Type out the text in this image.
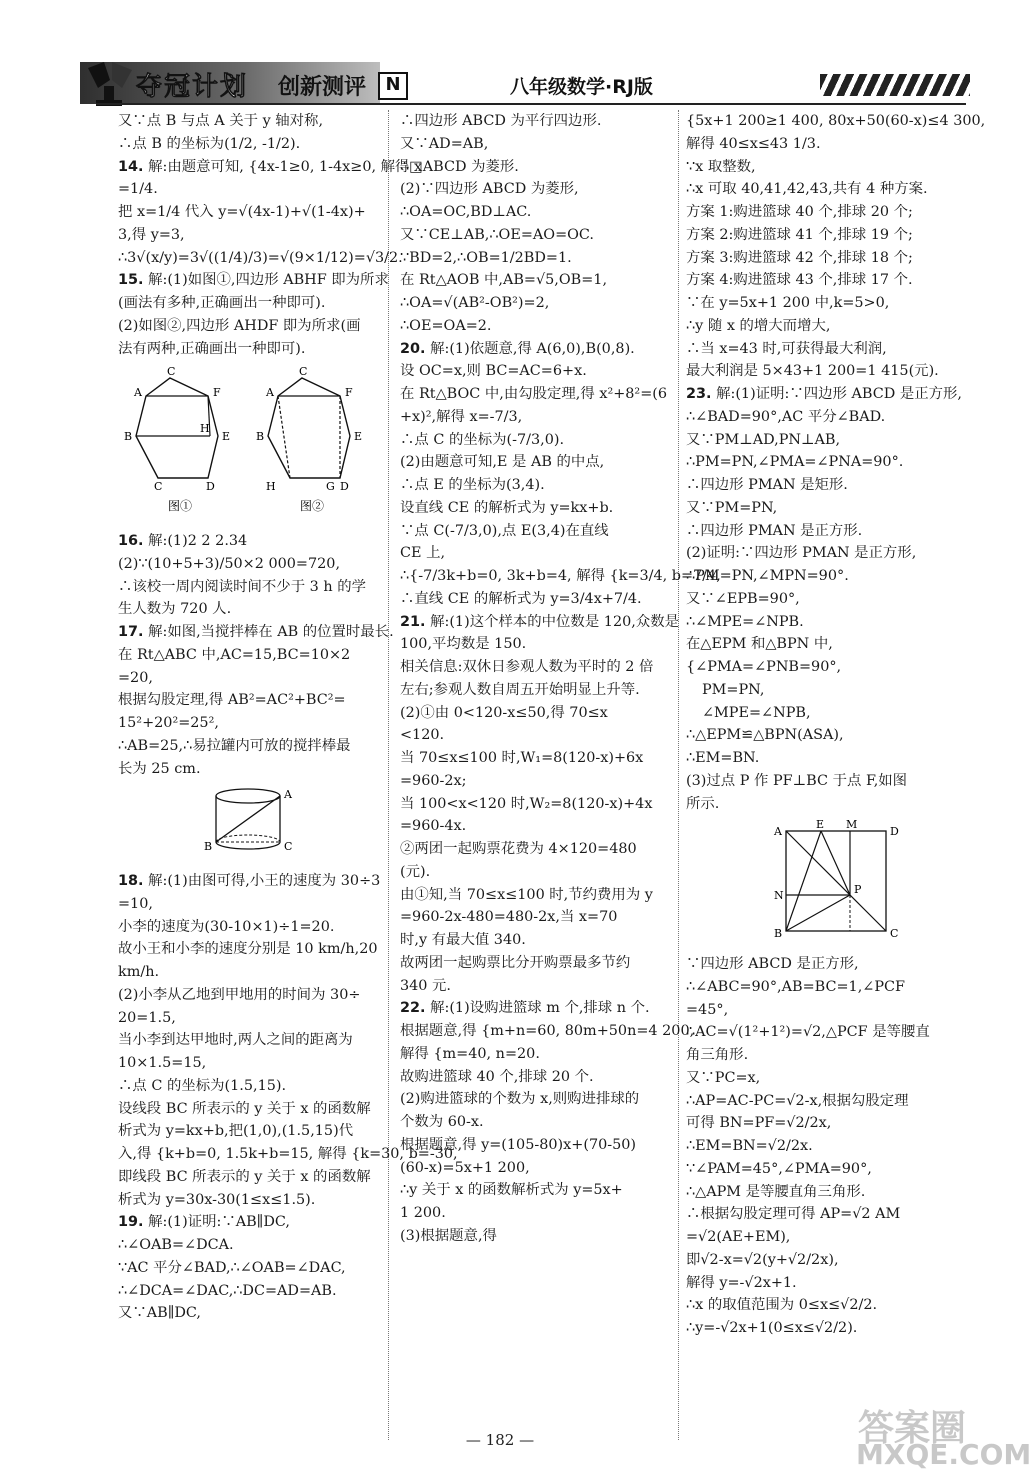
夺冠计划 创新测评	N	八年级数学·RJ版
又∵点 B 与点 A 关于 y 轴对称,
∴点 B 的坐标为(1/2, -1/2).
14. 解:由题意可知, {4x-1≥0, 1-4x≥0, 解得 x
=1/4.
把 x=1/4 代入 y=√(4x-1)+√(1-4x)+
3,得 y=3,
∴3√(x/y)=3√((1/4)/3)=√(9×1/12)=√3/2.
15. 解:(1)如图①,四边形 ABHF 即为所求
(画法有多种,正确画出一种即可).
(2)如图②,四边形 AHDF 即为所求(画
法有两种,正确画出一种即可).
C
A	F
B
H
E
C	D
图①
C
A	F
B	E
H	G D
图②
16. 解:(1)2 2 2.34
(2)∵(10+5+3)/50×2 000=720,
∴该校一周内阅读时间不少于 3 h 的学
生人数为 720 人.
17. 解:如图,当搅拌棒在 AB 的位置时最长.
在 Rt△ABC 中,AC=15,BC=10×2
=20,
根据勾股定理,得 AB²=AC²+BC²=
15²+20²=25²,
∴AB=25,∴易拉罐内可放的搅拌棒最
长为 25 cm.
A
B	C
18. 解:(1)由图可得,小王的速度为 30÷3
=10,
小李的速度为(30-10×1)÷1=20.
故小王和小李的速度分别是 10 km/h,20
km/h.
(2)小李从乙地到甲地用的时间为 30÷
20=1.5,
当小李到达甲地时,两人之间的距离为
10×1.5=15,
∴点 C 的坐标为(1.5,15).
设线段 BC 所表示的 y 关于 x 的函数解
析式为 y=kx+b,把(1,0),(1.5,15)代
入,得 {k+b=0, 1.5k+b=15, 解得 {k=30, b=-30,
即线段 BC 所表示的 y 关于 x 的函数解
析式为 y=30x-30(1≤x≤1.5).
19. 解:(1)证明:∵AB∥DC,
∴∠OAB=∠DCA.
∵AC 平分∠BAD,∴∠OAB=∠DAC,
∴∠DCA=∠DAC,∴DC=AD=AB.
又∵AB∥DC,
∴四边形 ABCD 为平行四边形.
又∵AD=AB,
∴□ABCD 为菱形.
(2)∵四边形 ABCD 为菱形,
∴OA=OC,BD⊥AC.
又∵CE⊥AB,∴OE=AO=OC.
∵BD=2,∴OB=1/2BD=1.
在 Rt△AOB 中,AB=√5,OB=1,
∴OA=√(AB²-OB²)=2,
∴OE=OA=2.
20. 解:(1)依题意,得 A(6,0),B(0,8).
设 OC=x,则 BC=AC=6+x.
在 Rt△BOC 中,由勾股定理,得 x²+8²=(6
+x)²,解得 x=-7/3,
∴点 C 的坐标为(-7/3,0).
(2)由题意可知,E 是 AB 的中点,
∴点 E 的坐标为(3,4).
设直线 CE 的解析式为 y=kx+b.
∵点 C(-7/3,0),点 E(3,4)在直线
CE 上,
∴{-7/3k+b=0, 3k+b=4, 解得 {k=3/4, b=7/4,
∴直线 CE 的解析式为 y=3/4x+7/4.
21. 解:(1)这个样本的中位数是 120,众数是
100,平均数是 150.
相关信息:双休日参观人数为平时的 2 倍
左右;参观人数自周五开始明显上升等.
(2)①由 0<120-x≤50,得 70≤x
<120.
当 70≤x≤100 时,W₁=8(120-x)+6x
=960-2x;
当 100<x<120 时,W₂=8(120-x)+4x
=960-4x.
②两团一起购票花费为 4×120=480
(元).
由①知,当 70≤x≤100 时,节约费用为 y
=960-2x-480=480-2x,当 x=70
时,y 有最大值 340.
故两团一起购票比分开购票最多节约
340 元.
22. 解:(1)设购进篮球 m 个,排球 n 个.
根据题意,得 {m+n=60, 80m+50n=4 200,
解得 {m=40, n=20.
故购进篮球 40 个,排球 20 个.
(2)购进篮球的个数为 x,则购进排球的
个数为 60-x.
根据题意,得 y=(105-80)x+(70-50)
(60-x)=5x+1 200,
∴y 关于 x 的函数解析式为 y=5x+
1 200.
(3)根据题意,得
{5x+1 200≥1 400, 80x+50(60-x)≤4 300,
解得 40≤x≤43 1/3.
∵x 取整数,
∴x 可取 40,41,42,43,共有 4 种方案.
方案 1:购进篮球 40 个,排球 20 个;
方案 2:购进篮球 41 个,排球 19 个;
方案 3:购进篮球 42 个,排球 18 个;
方案 4:购进篮球 43 个,排球 17 个.
∵在 y=5x+1 200 中,k=5>0,
∴y 随 x 的增大而增大,
∴当 x=43 时,可获得最大利润,
最大利润是 5×43+1 200=1 415(元).
23. 解:(1)证明:∵四边形 ABCD 是正方形,
∴∠BAD=90°,AC 平分∠BAD.
又∵PM⊥AD,PN⊥AB,
∴PM=PN,∠PMA=∠PNA=90°.
∴四边形 PMAN 是矩形.
又∵PM=PN,
∴四边形 PMAN 是正方形.
(2)证明:∵四边形 PMAN 是正方形,
∴PM=PN,∠MPN=90°.
又∵∠EPB=90°,
∴∠MPE=∠NPB.
在△EPM 和△BPN 中,
{∠PMA=∠PNB=90°,
PM=PN,
∠MPE=∠NPB,
∴△EPM≌△BPN(ASA),
∴EM=BN.
(3)过点 P 作 PF⊥BC 于点 F,如图
所示.
A
E M
D
N	P
B	C
∵四边形 ABCD 是正方形,
∴∠ABC=90°,AB=BC=1,∠PCF
=45°,
∴AC=√(1²+1²)=√2,△PCF 是等腰直
角三角形.
又∵PC=x,
∴AP=AC-PC=√2-x,根据勾股定理
可得 BN=PF=√2/2x,
∴EM=BN=√2/2x.
∵∠PAM=45°,∠PMA=90°,
∴△APM 是等腰直角三角形.
∴根据勾股定理可得 AP=√2 AM
=√2(AE+EM),
即√2-x=√2(y+√2/2x),
解得 y=-√2x+1.
∴x 的取值范围为 0≤x≤√2/2.
∴y=-√2x+1(0≤x≤√2/2).
— 182 —	答案圈
MXQE.COM
